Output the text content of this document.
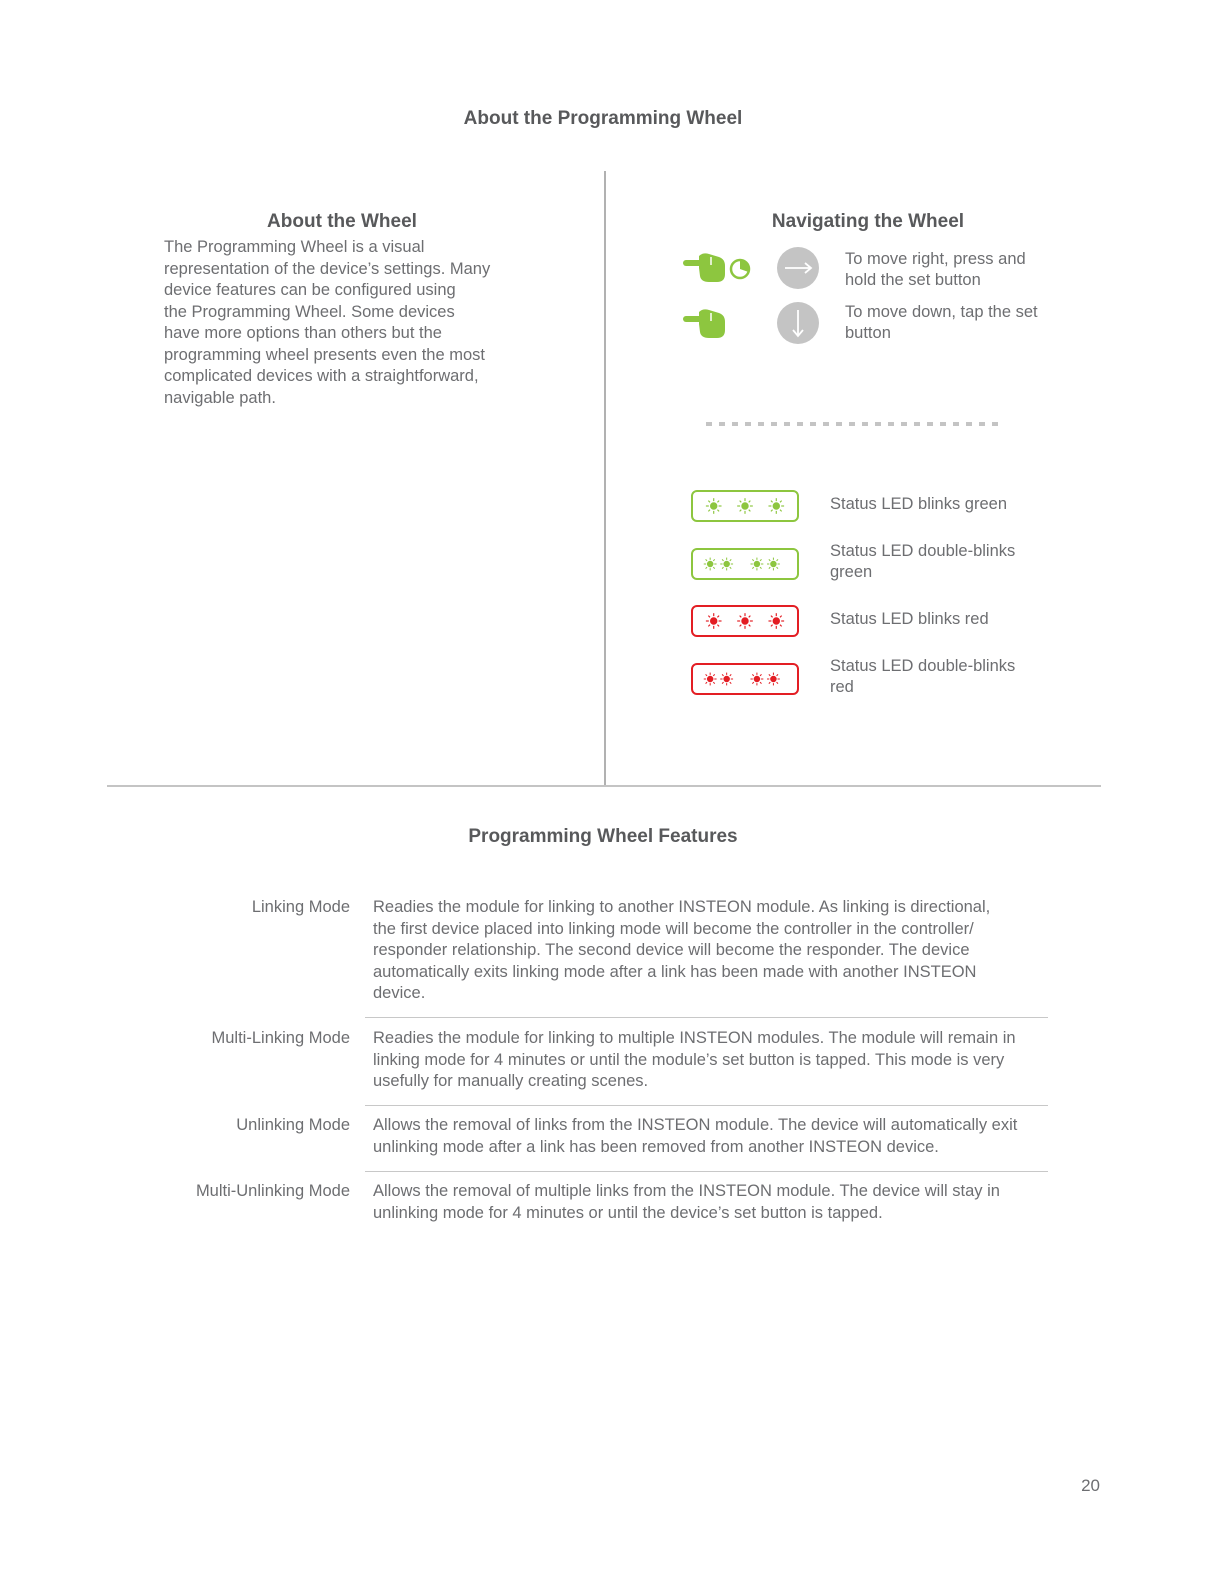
About the Programming Wheel
About the Wheel
The Programming Wheel is a visual
representation of the device’s settings. Many
device features can be configured using
the Programming Wheel. Some devices
have more options than others but the
programming wheel presents even the most
complicated devices with a straightforward,
navigable path.
Navigating the Wheel
To move right, press and
hold the set button
To move down, tap the set
button
Status LED blinks green
Status LED double-blinks
green
Status LED blinks red
Status LED double-blinks
red
Programming Wheel Features
Linking Mode Readies the module for linking to another INSTEON module. As linking is directional,
the first device placed into linking mode will become the controller in the controller/
responder relationship. The second device will become the responder. The device
automatically exits linking mode after a link has been made with another INSTEON
device.
Multi-Linking Mode Readies the module for linking to multiple INSTEON modules. The module will remain in
linking mode for 4 minutes or until the module’s set button is tapped. This mode is very
usefully for manually creating scenes.
Unlinking Mode Allows the removal of links from the INSTEON module. The device will automatically exit
unlinking mode after a link has been removed from another INSTEON device.
Multi-Unlinking Mode Allows the removal of multiple links from the INSTEON module. The device will stay in
unlinking mode for 4 minutes or until the device’s set button is tapped.
20
